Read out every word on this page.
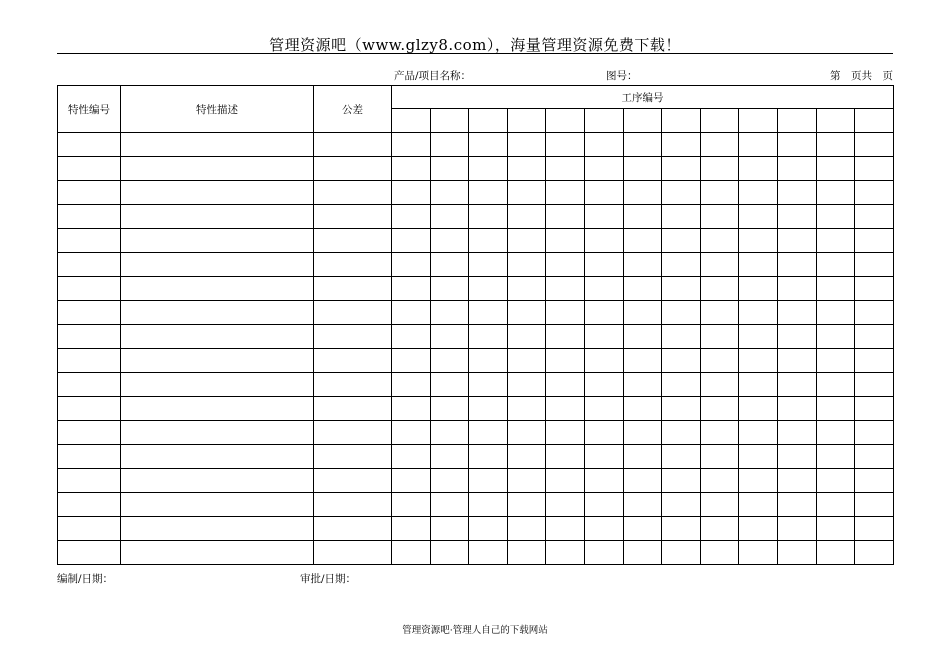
管理资源吧（www.glzy8.com），海量管理资源免费下载！
产品/项目名称：	图号：	第　页共　页
特性编号	特性描述	公差	工序编号												

编制/日期：	审批/日期：
管理资源吧·管理人自己的下载网站
